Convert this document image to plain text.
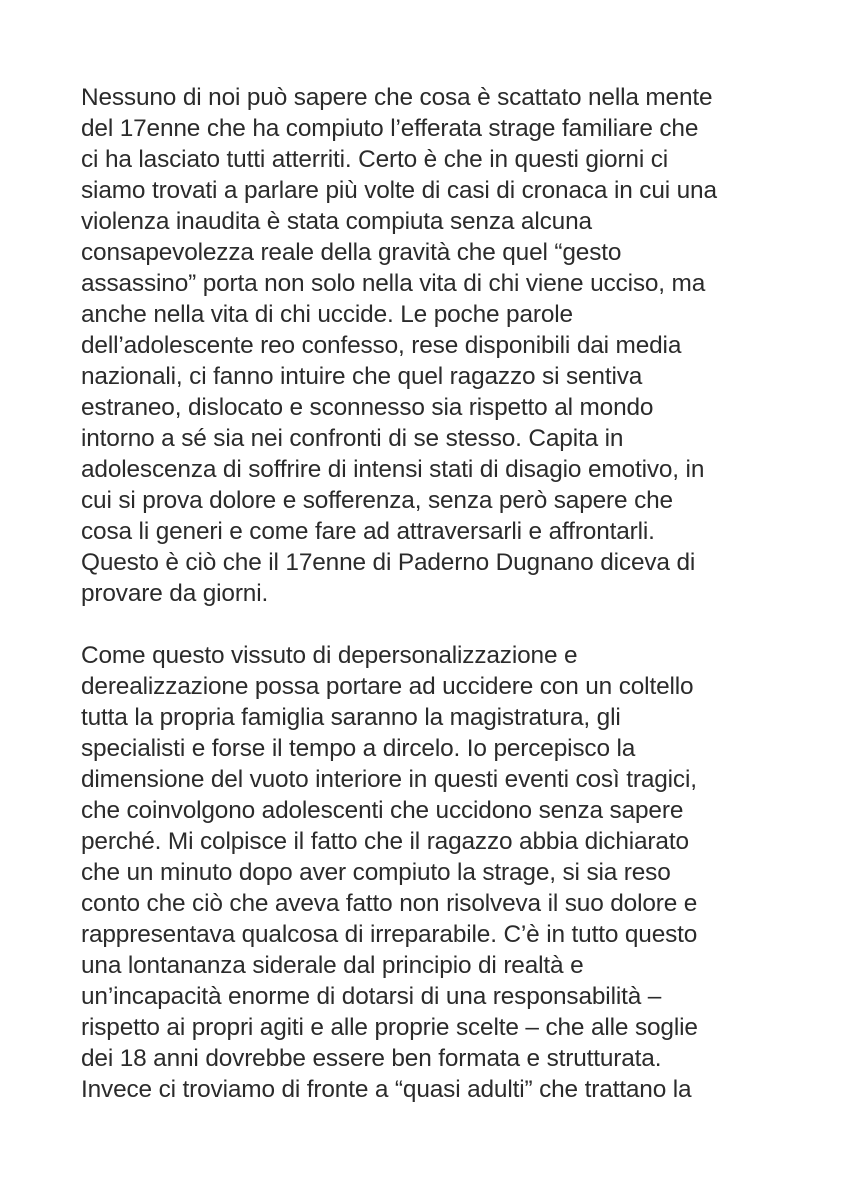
Nessuno di noi può sapere che cosa è scattato nella mente
del 17enne che ha compiuto l’efferata strage familiare che
ci ha lasciato tutti atterriti. Certo è che in questi giorni ci
siamo trovati a parlare più volte di casi di cronaca in cui una
violenza inaudita è stata compiuta senza alcuna
consapevolezza reale della gravità che quel “gesto
assassino” porta non solo nella vita di chi viene ucciso, ma
anche nella vita di chi uccide. Le poche parole
dell’adolescente reo confesso, rese disponibili dai media
nazionali, ci fanno intuire che quel ragazzo si sentiva
estraneo, dislocato e sconnesso sia rispetto al mondo
intorno a sé sia nei confronti di se stesso. Capita in
adolescenza di soffrire di intensi stati di disagio emotivo, in
cui si prova dolore e sofferenza, senza però sapere che
cosa li generi e come fare ad attraversarli e affrontarli.
Questo è ciò che il 17enne di Paderno Dugnano diceva di
provare da giorni.
Come questo vissuto di depersonalizzazione e
derealizzazione possa portare ad uccidere con un coltello
tutta la propria famiglia saranno la magistratura, gli
specialisti e forse il tempo a dircelo. Io percepisco la
dimensione del vuoto interiore in questi eventi così tragici,
che coinvolgono adolescenti che uccidono senza sapere
perché. Mi colpisce il fatto che il ragazzo abbia dichiarato
che un minuto dopo aver compiuto la strage, si sia reso
conto che ciò che aveva fatto non risolveva il suo dolore e
rappresentava qualcosa di irreparabile. C’è in tutto questo
una lontananza siderale dal principio di realtà e
un’incapacità enorme di dotarsi di una responsabilità –
rispetto ai propri agiti e alle proprie scelte – che alle soglie
dei 18 anni dovrebbe essere ben formata e strutturata.
Invece ci troviamo di fronte a “quasi adulti” che trattano la
